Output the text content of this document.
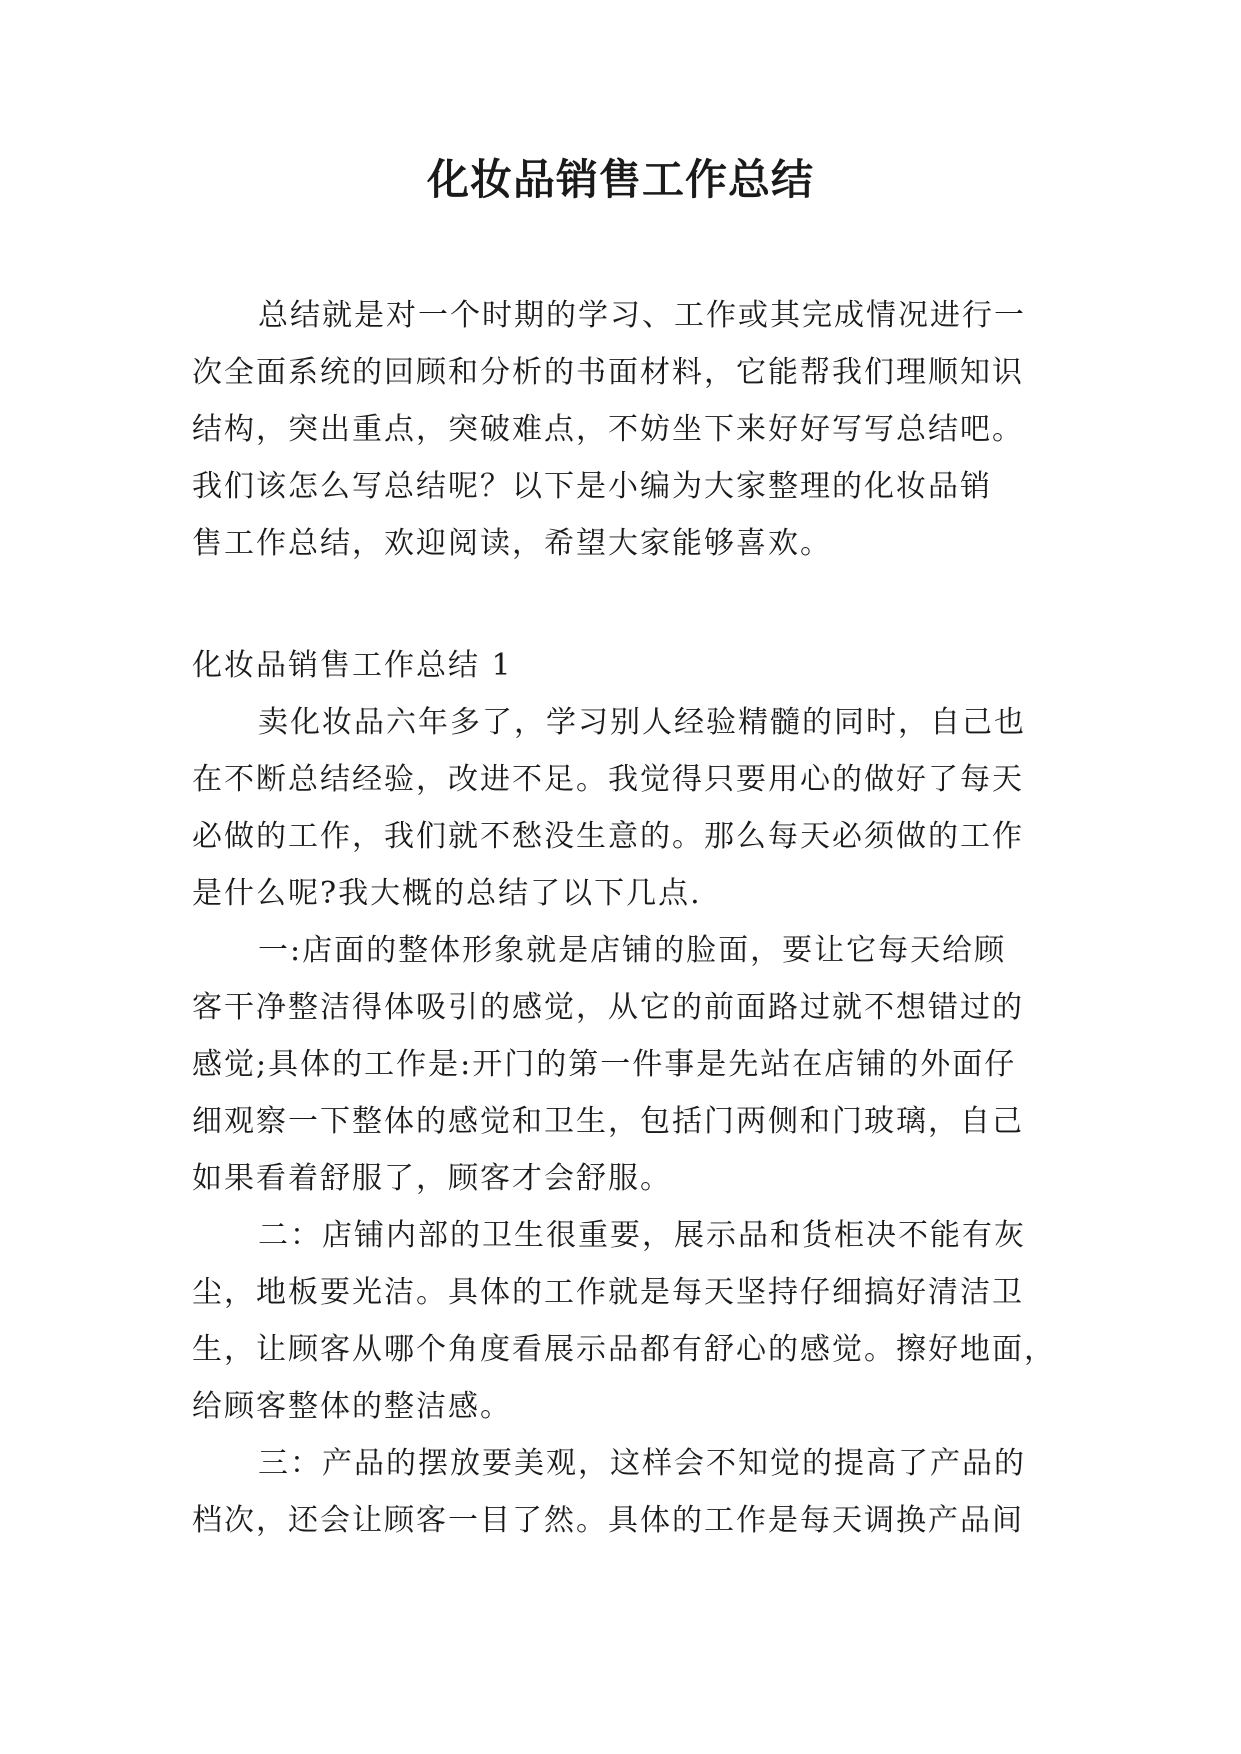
化妆品销售工作总结
总结就是对一个时期的学习、工作或其完成情况进行一
次全面系统的回顾和分析的书面材料，它能帮我们理顺知识
结构，突出重点，突破难点，不妨坐下来好好写写总结吧。
我们该怎么写总结呢？以下是小编为大家整理的化妆品销
售工作总结，欢迎阅读，希望大家能够喜欢。
化妆品销售工作总结 1
卖化妆品六年多了，学习别人经验精髓的同时，自己也
在不断总结经验，改进不足。我觉得只要用心的做好了每天
必做的工作，我们就不愁没生意的。那么每天必须做的工作
是什么呢?我大概的总结了以下几点.
一:店面的整体形象就是店铺的脸面，要让它每天给顾
客干净整洁得体吸引的感觉，从它的前面路过就不想错过的
感觉;具体的工作是:开门的第一件事是先站在店铺的外面仔
细观察一下整体的感觉和卫生，包括门两侧和门玻璃，自己
如果看着舒服了，顾客才会舒服。
二：店铺内部的卫生很重要，展示品和货柜决不能有灰
尘，地板要光洁。具体的工作就是每天坚持仔细搞好清洁卫
生，让顾客从哪个角度看展示品都有舒心的感觉。擦好地面，
给顾客整体的整洁感。
三：产品的摆放要美观，这样会不知觉的提高了产品的
档次，还会让顾客一目了然。具体的工作是每天调换产品间
